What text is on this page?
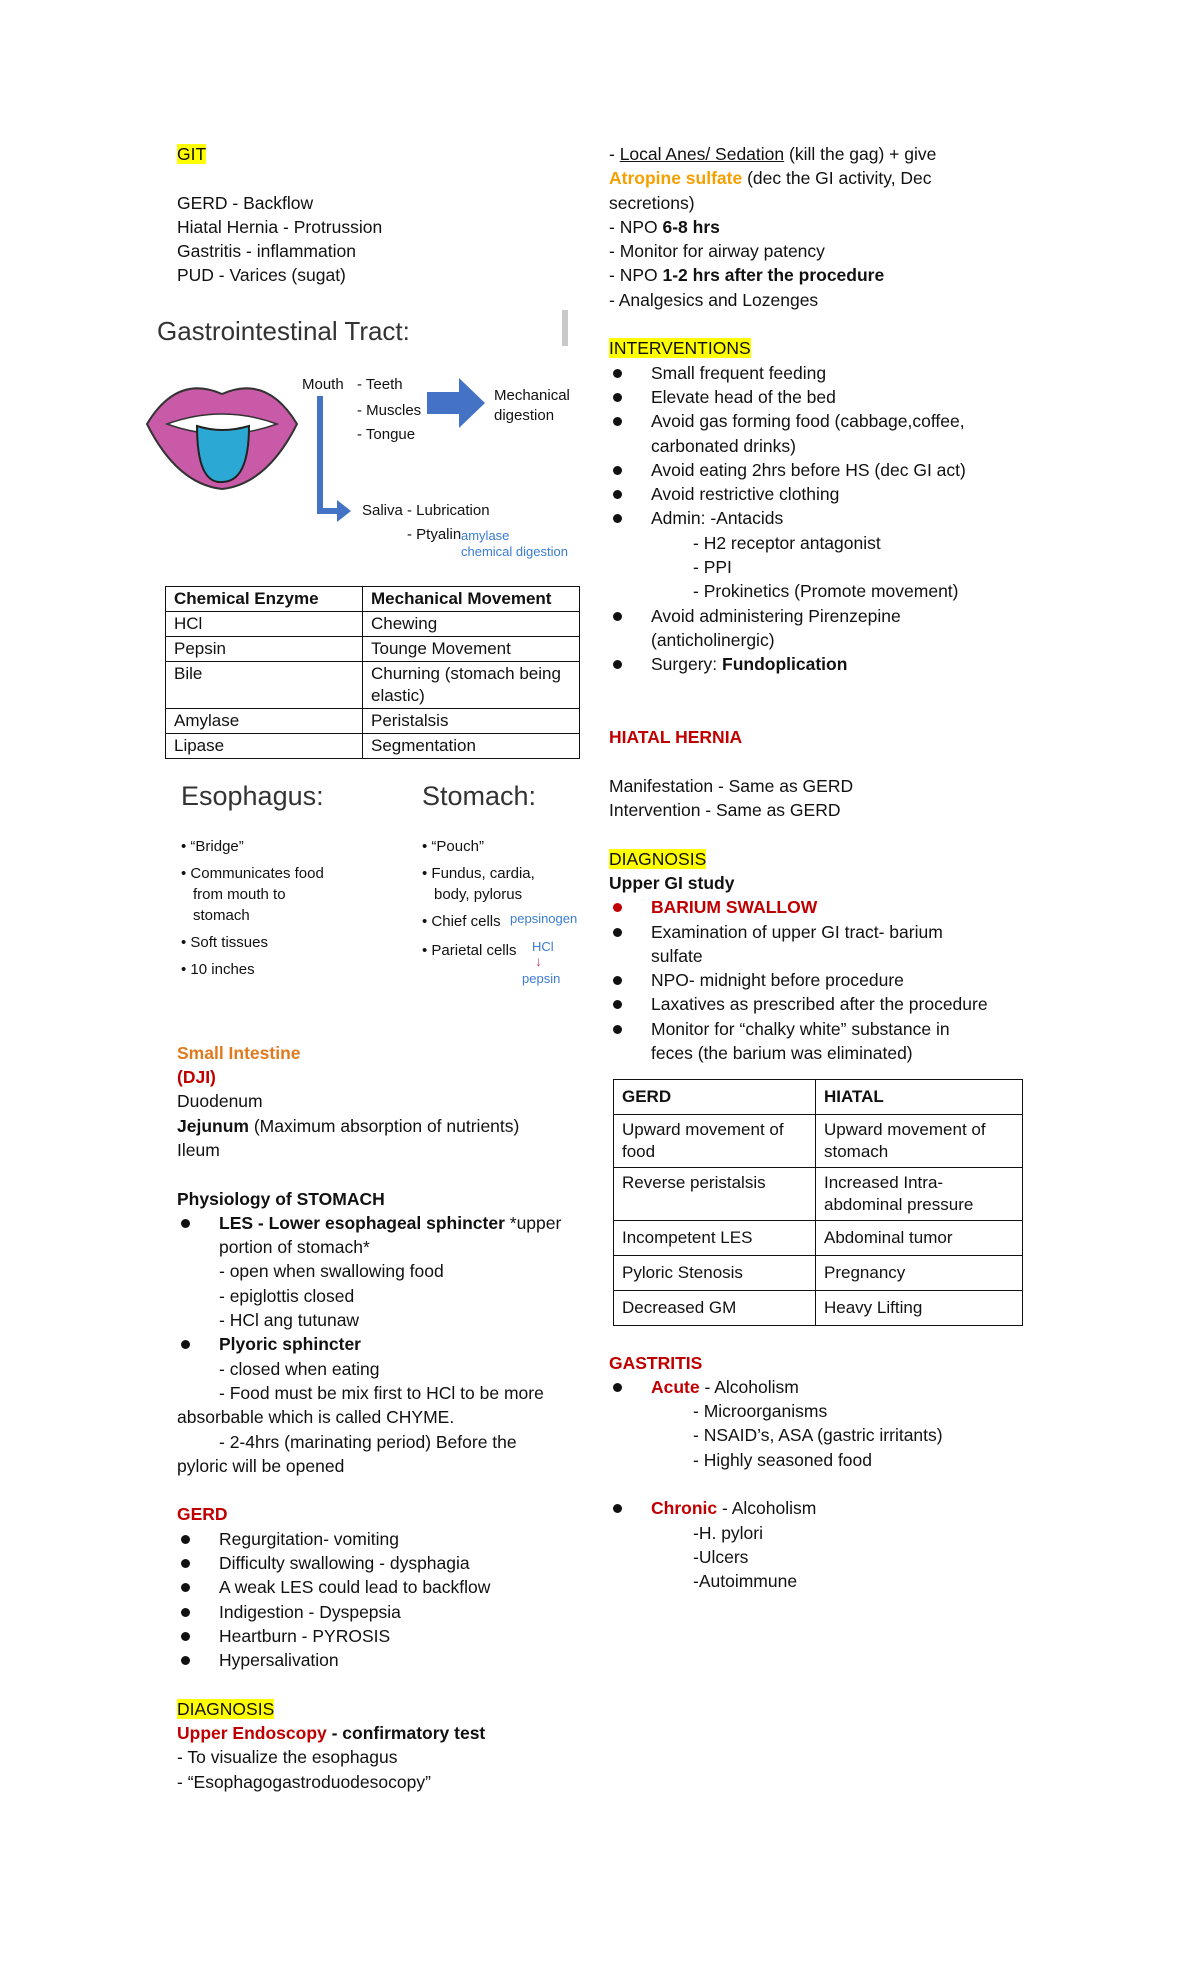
GIT
GERD - Backflow
Hiatal Hernia - Protrussion
Gastritis - inflammation
PUD - Varices (sugat)
Gastrointestinal Tract:
Mouth - Teeth
- Muscles
- Tongue
Mechanical
digestion
Saliva - Lubrication
- Ptyalin amylase
chemical digestion
Chemical Enzyme	Mechanical Movement
HCl	Chewing
Pepsin	Tounge Movement
Bile	Churning (stomach being elastic)
Amylase	Peristalsis
Lipase	Segmentation
Esophagus:
• “Bridge”
• Communicates food from mouth to stomach
• Soft tissues
• 10 inches
Stomach:
• “Pouch”
• Fundus, cardia, body, pylorus
• Chief cells
• Parietal cells
pepsinogen
HCl
↓
pepsin
Small Intestine
(DJI)
Duodenum
Jejunum (Maximum absorption of nutrients)
Ileum
Physiology of STOMACH
LES - Lower esophageal sphincter *upper
portion of stomach*
- open when swallowing food
- epiglottis closed
- HCl ang tutunaw
Plyoric sphincter
- closed when eating
- Food must be mix first to HCl to be more
absorbable which is called CHYME.
- 2-4hrs (marinating period) Before the
pyloric will be opened
GERD
Regurgitation- vomiting
Difficulty swallowing - dysphagia
A weak LES could lead to backflow
Indigestion - Dyspepsia
Heartburn - PYROSIS
Hypersalivation
DIAGNOSIS
Upper Endoscopy - confirmatory test
- To visualize the esophagus
- “Esophagogastroduodesocopy”
- Local Anes/ Sedation (kill the gag) + give
Atropine sulfate (dec the GI activity, Dec
secretions)
- NPO 6-8 hrs
- Monitor for airway patency
- NPO 1-2 hrs after the procedure
- Analgesics and Lozenges
INTERVENTIONS
Small frequent feeding
Elevate head of the bed
Avoid gas forming food (cabbage,coffee,
carbonated drinks)
Avoid eating 2hrs before HS (dec GI act)
Avoid restrictive clothing
Admin: -Antacids
- H2 receptor antagonist
- PPI
- Prokinetics (Promote movement)
Avoid administering Pirenzepine
(anticholinergic)
Surgery: Fundoplication
HIATAL HERNIA
Manifestation - Same as GERD
Intervention - Same as GERD
DIAGNOSIS
Upper GI study
BARIUM SWALLOW
Examination of upper GI tract- barium
sulfate
NPO- midnight before procedure
Laxatives as prescribed after the procedure
Monitor for “chalky white” substance in
feces (the barium was eliminated)
GERD	HIATAL
Upward movement of food	Upward movement of stomach
Reverse peristalsis	Increased Intra-abdominal pressure
Incompetent LES	Abdominal tumor
Pyloric Stenosis	Pregnancy
Decreased GM	Heavy Lifting
GASTRITIS
Acute - Alcoholism
- Microorganisms
- NSAID’s, ASA (gastric irritants)
- Highly seasoned food
Chronic - Alcoholism
-H. pylori
-Ulcers
-Autoimmune
